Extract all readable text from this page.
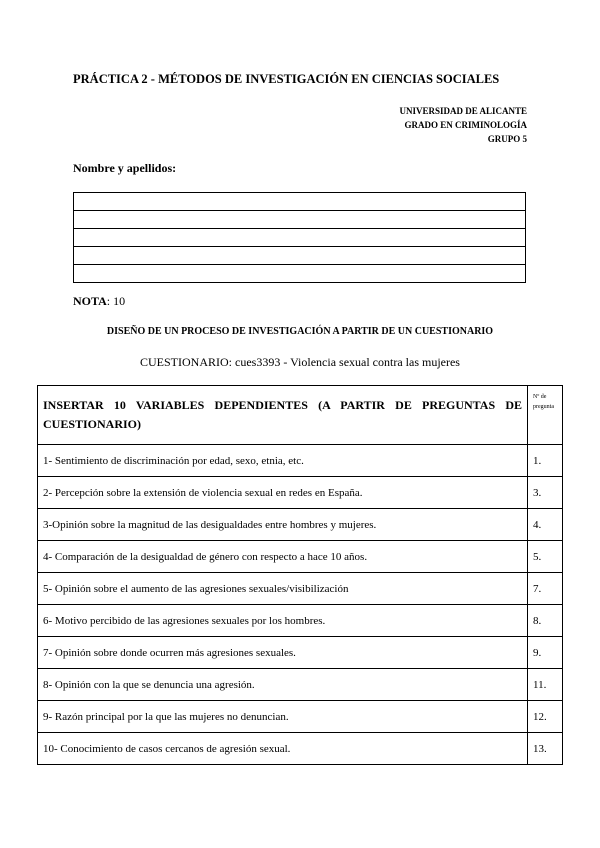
PRÁCTICA 2 - MÉTODOS DE INVESTIGACIÓN EN CIENCIAS SOCIALES
UNIVERSIDAD DE ALICANTE
GRADO EN CRIMINOLOGÍA
GRUPO 5
Nombre y apellidos:

NOTA: 10
DISEÑO DE UN PROCESO DE INVESTIGACIÓN A PARTIR DE UN CUESTIONARIO
CUESTIONARIO: cues3393 - Violencia sexual contra las mujeres
INSERTAR 10 VARIABLES DEPENDIENTES (A PARTIR DE PREGUNTAS DE CUESTIONARIO)	Nº de pregunta
1- Sentimiento de discriminación por edad, sexo, etnia, etc.	1.
2- Percepción sobre la extensión de violencia sexual en redes en España.	3.
3-Opinión sobre la magnitud de las desigualdades entre hombres y mujeres.	4.
4- Comparación de la desigualdad de género con respecto a hace 10 años.	5.
5- Opinión sobre el aumento de las agresiones sexuales/visibilización	7.
6- Motivo percibido de las agresiones sexuales por los hombres.	8.
7- Opinión sobre donde ocurren más agresiones sexuales.	9.
8- Opinión con la que se denuncia una agresión.	11.
9- Razón principal por la que las mujeres no denuncian.	12.
10- Conocimiento de casos cercanos de agresión sexual.	13.
